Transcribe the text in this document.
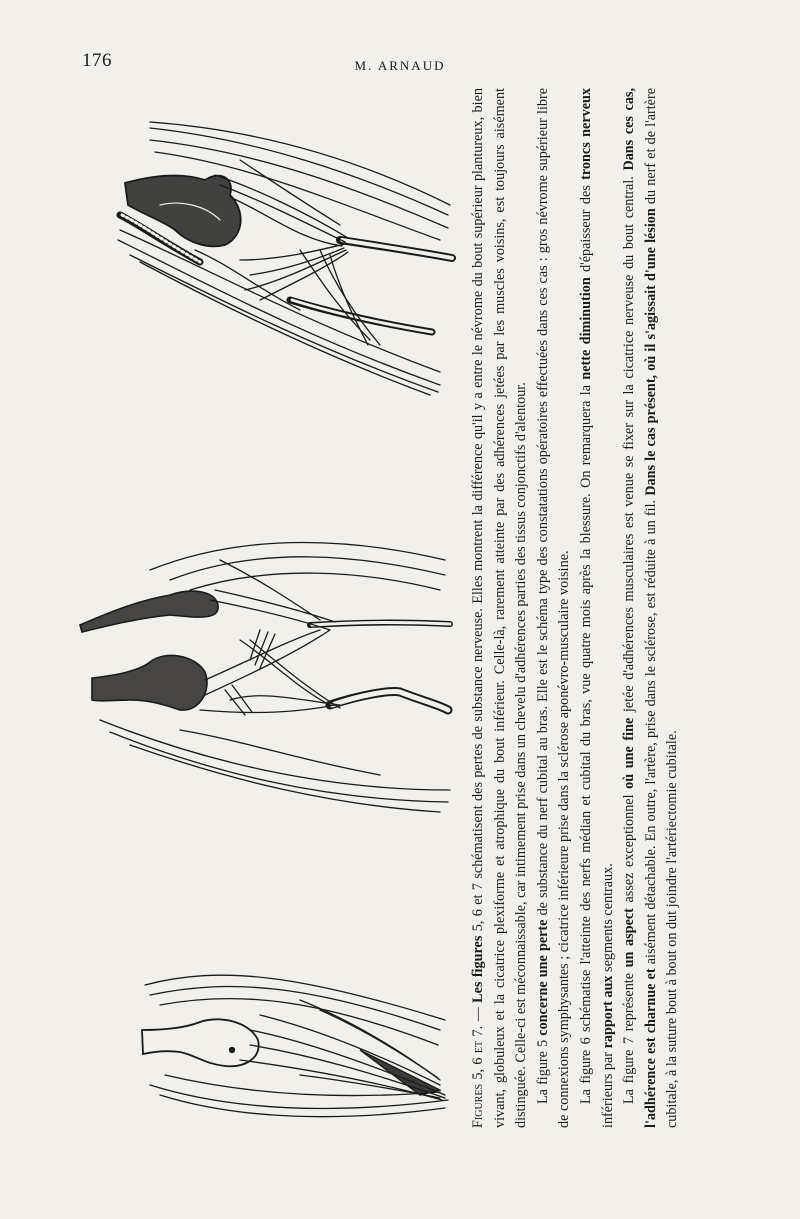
176	M. ARNAUD

Figures 5, 6 et 7. — Les figures 5, 6 et 7 schématisent des pertes de substance nerveuse. Elles montrent la différence qu'il y a entre le névrome du bout supérieur plantureux, bien vivant, globuleux et la cicatrice plexiforme et atrophique du bout inférieur. Celle-là, rarement atteinte par des adhérences jetées par les muscles voisins, est toujours aisément distinguée. Celle-ci est méconnaissable, car intimement prise dans un chevelu d'adhérences parties des tissus conjonctifs d'alentour. La figure 5 concerne une perte de substance du nerf cubital au bras. Elle est le schéma type des constatations opératoires effectuées dans ces cas : gros névrome supérieur libre de connexions symphysantes ; cicatrice inférieure prise dans la sclérose aponévro-musculaire voisine. La figure 6 schématise l'atteinte des nerfs médian et cubital du bras, vue quatre mois après la blessure. On remarquera la nette diminution d'épaisseur des troncs nerveux inférieurs par rapport aux segments centraux.

La figure 7 représente un aspect assez exceptionnel où une fine jetée d'adhérences musculaires est venue se fixer sur la cicatrice nerveuse du bout central. Dans ces cas, l'adhérence est charnue et aisément détachable. En outre, l'artère, prise dans le sclérose, est réduite à un fil. Dans le cas présent, où il s'agissait d'une lésion du nerf et de l'artère cubitale, à la suture bout à bout on dut joindre l'artériectomie cubitale.
